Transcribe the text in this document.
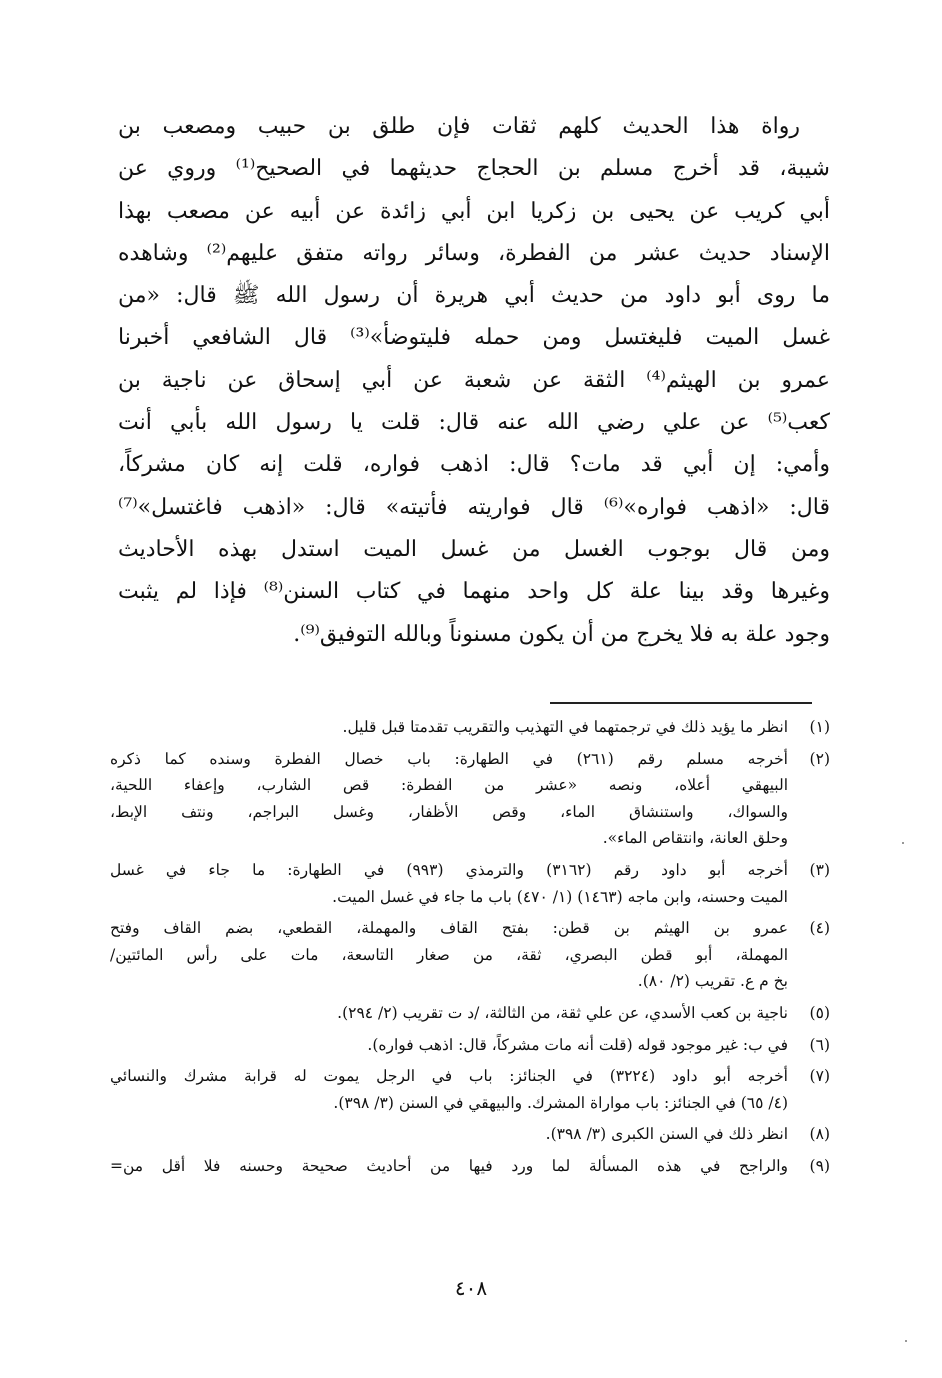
رواة هذا الحديث كلهم ثقات فإن طلق بن حبيب ومصعب بن
شيبة، قد أخرج مسلم بن الحجاج حديثهما في الصحيح⁽¹⁾ وروي عن
أبي كريب عن يحيى بن زكريا ابن أبي زائدة عن أبيه عن مصعب بهذا
الإسناد حديث عشر من الفطرة، وسائر رواته متفق عليهم⁽²⁾ وشاهده
ما روى أبو داود من حديث أبي هريرة أن رسول الله ﷺ قال: «من
غسل الميت فليغتسل ومن حمله فليتوضأ»⁽³⁾ قال الشافعي أخبرنا
عمرو بن الهيثم⁽⁴⁾ الثقة عن شعبة عن أبي إسحاق عن ناجية بن
كعب⁽⁵⁾ عن علي رضي الله عنه قال: قلت يا رسول الله بأبي أنت
وأمي: إن أبي قد مات؟ قال: اذهب فواره، قلت إنه كان مشركاً،
قال: «اذهب فواره»⁽⁶⁾ قال فواريته فأتيته» قال: «اذهب فاغتسل»⁽⁷⁾
ومن قال بوجوب الغسل من غسل الميت استدل بهذه الأحاديث
وغيرها وقد بينا علة كل واحد منهما في كتاب السنن⁽⁸⁾ فإذا لم يثبت
وجود علة به فلا يخرج من أن يكون مسنوناً وبالله التوفيق⁽⁹⁾.
(١)
انظر ما يؤيد ذلك في ترجمتهما في التهذيب والتقريب تقدمتا قبل قليل.
(٢)
أخرجه مسلم رقم (٢٦١) في الطهارة: باب خصال الفطرة وسنده كما ذكره
البيهقي أعلاه، ونصه «عشر من الفطرة: قص الشارب، وإعفاء اللحية،
والسواك، واستنشاق الماء، وقص الأظفار، وغسل البراجم، ونتف الإبط،
وحلق العانة، وانتقاص الماء».
(٣)
أخرجه أبو داود رقم (٣١٦٢) والترمذي (٩٩٣) في الطهارة: ما جاء في غسل
الميت وحسنه، وابن ماجه (١٤٦٣) (١/ ٤٧٠) باب ما جاء في غسل الميت.
(٤)
عمرو بن الهيثم بن قطن: بفتح القاف والمهملة، القطعي، بضم القاف وفتح
المهملة، أبو قطن البصري، ثقة، من صغار التاسعة، مات على رأس المائتين/
بخ م ع. تقريب (٢/ ٨٠).
(٥)
ناجية بن كعب الأسدي، عن علي ثقة، من الثالثة، /د ت تقريب (٢/ ٢٩٤).
(٦)
في ب: غير موجود قوله (قلت أنه مات مشركاً، قال: اذهب فواره).
(٧)
أخرجه أبو داود (٣٢٢٤) في الجنائز: باب في الرجل يموت له قرابة مشرك والنسائي
(٤/ ٦٥) في الجنائز: باب مواراة المشرك. والبيهقي في السنن (٣/ ٣٩٨).
(٨)
انظر ذلك في السنن الكبرى (٣/ ٣٩٨).
(٩)
والراجح في هذه المسألة لما ورد فيها من أحاديث صحيحة وحسنه فلا أقل من=
٤٠٨
